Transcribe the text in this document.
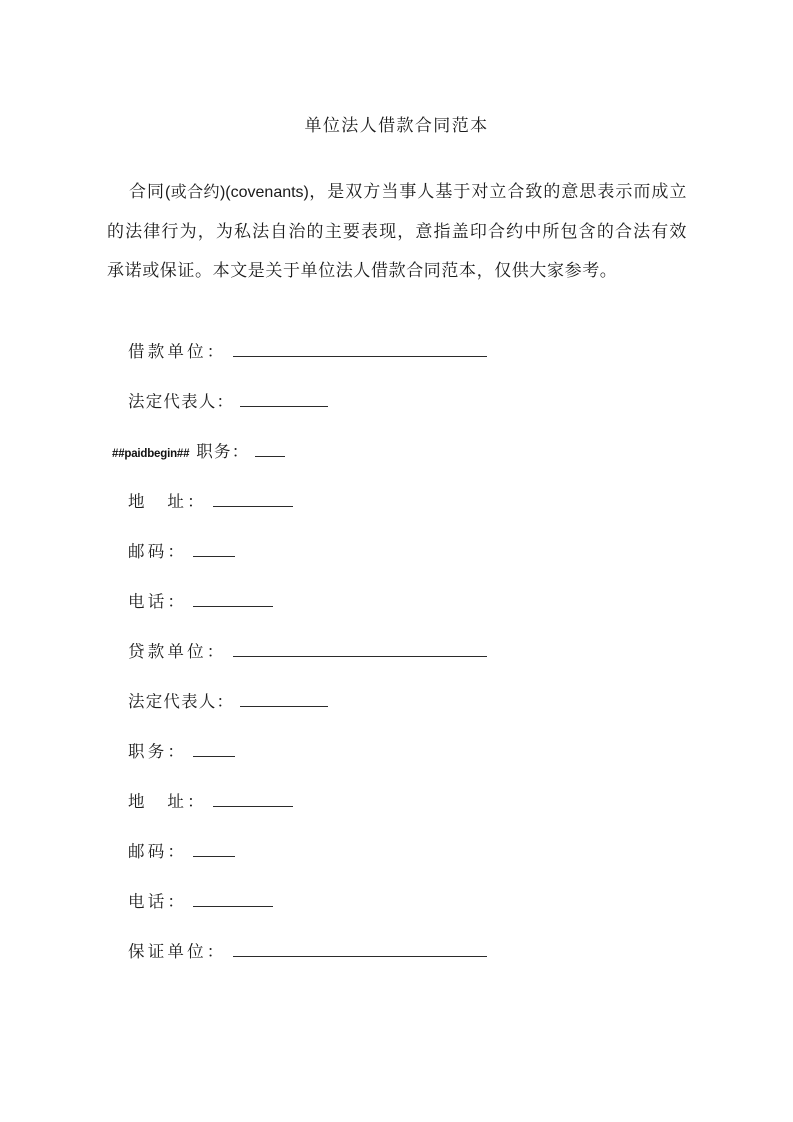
单位法人借款合同范本

合同(或合约)(covenants)，是双方当事人基于对立合致的意思表示而成立的法律行为，为私法自治的主要表现，意指盖印合约中所包含的合法有效承诺或保证。本文是关于单位法人借款合同范本，仅供大家参考。

借款单位：
法定代表人：
##paidbegin## 职务：
地　址：
邮码：
电话：
贷款单位：
法定代表人：
职务：
地　址：
邮码：
电话：
保证单位：
